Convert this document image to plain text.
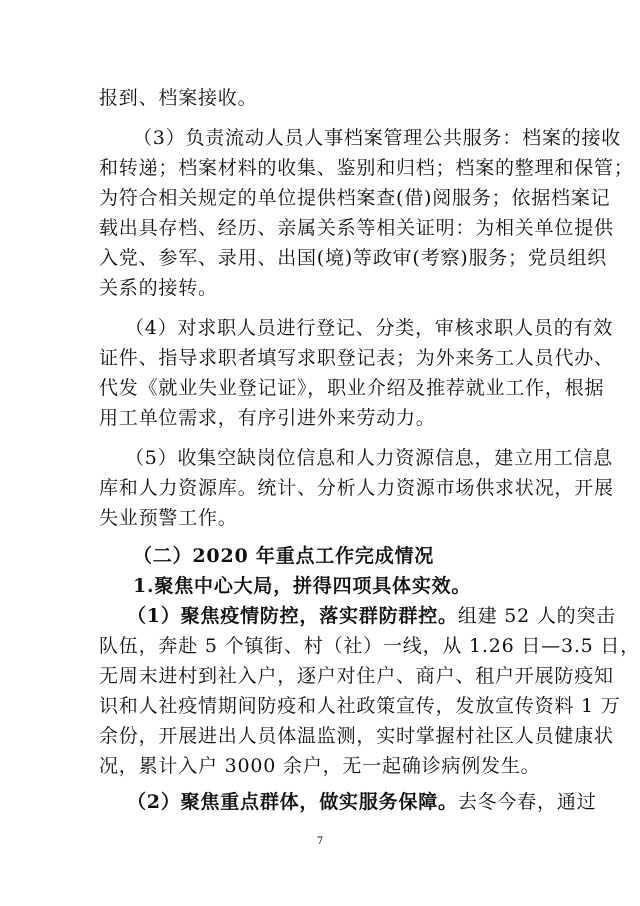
报到、档案接收。
（3）负责流动人员人事档案管理公共服务：档案的接收
和转递；档案材料的收集、鉴别和归档；档案的整理和保管；
为符合相关规定的单位提供档案查(借)阅服务；依据档案记
载出具存档、经历、亲属关系等相关证明：为相关单位提供
入党、参军、录用、出国(境)等政审(考察)服务；党员组织
关系的接转。
（4）对求职人员进行登记、分类，审核求职人员的有效
证件、指导求职者填写求职登记表；为外来务工人员代办、
代发《就业失业登记证》，职业介绍及推荐就业工作，根据
用工单位需求，有序引进外来劳动力。
（5）收集空缺岗位信息和人力资源信息，建立用工信息
库和人力资源库。统计、分析人力资源市场供求状况，开展
失业预警工作。
（二）2020 年重点工作完成情况
1.聚焦中心大局，拼得四项具体实效。
（1）聚焦疫情防控，落实群防群控。组建 52 人的突击
队伍，奔赴 5 个镇街、村（社）一线，从 1.26 日—3.5 日，
无周末进村到社入户，逐户对住户、商户、租户开展防疫知
识和人社疫情期间防疫和人社政策宣传，发放宣传资料 1 万
余份，开展进出人员体温监测，实时掌握村社区人员健康状
况，累计入户 3000 余户，无一起确诊病例发生。
（2）聚焦重点群体，做实服务保障。去冬今春，通过
7
